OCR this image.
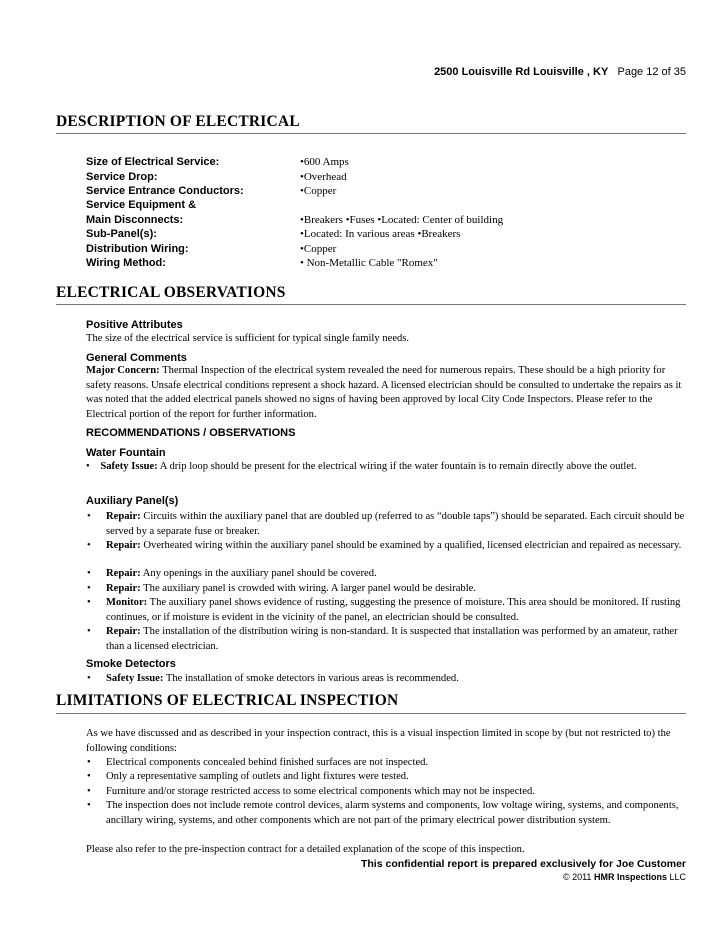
2500 Louisville Rd Louisville , KY Page 12 of 35
DESCRIPTION OF ELECTRICAL
Size of Electrical Service:	•600 Amps
Service Drop:	•Overhead
Service Entrance Conductors:	•Copper
Service Equipment &
Main Disconnects:	•Breakers •Fuses •Located: Center of building
Sub-Panel(s):	•Located: In various areas •Breakers
Distribution Wiring:	•Copper
Wiring Method:	• Non-Metallic Cable "Romex"
ELECTRICAL OBSERVATIONS
Positive Attributes
The size of the electrical service is sufficient for typical single family needs.
General Comments
Major Concern: Thermal Inspection of the electrical system revealed the need for numerous repairs. These should be a high priority for safety reasons. Unsafe electrical conditions represent a shock hazard. A licensed electrician should be consulted to undertake the repairs as it was noted that the added electrical panels showed no signs of having been approved by local City Code Inspectors. Please refer to the Electrical portion of the report for further information.
RECOMMENDATIONS / OBSERVATIONS
Water Fountain
• Safety Issue: A drip loop should be present for the electrical wiring if the water fountain is to remain directly above the outlet.
Auxiliary Panel(s)
• Repair: Circuits within the auxiliary panel that are doubled up (referred to as “double taps”) should be separated. Each circuit should be served by a separate fuse or breaker.
• Repair: Overheated wiring within the auxiliary panel should be examined by a qualified, licensed electrician and repaired as necessary.
• Repair: Any openings in the auxiliary panel should be covered.
• Repair: The auxiliary panel is crowded with wiring. A larger panel would be desirable.
• Monitor: The auxiliary panel shows evidence of rusting, suggesting the presence of moisture. This area should be monitored. If rusting continues, or if moisture is evident in the vicinity of the panel, an electrician should be consulted.
• Repair: The installation of the distribution wiring is non-standard. It is suspected that installation was performed by an amateur, rather than a licensed electrician.
Smoke Detectors
• Safety Issue: The installation of smoke detectors in various areas is recommended.
LIMITATIONS OF ELECTRICAL INSPECTION
As we have discussed and as described in your inspection contract, this is a visual inspection limited in scope by (but not restricted to) the following conditions:
• Electrical components concealed behind finished surfaces are not inspected.
• Only a representative sampling of outlets and light fixtures were tested.
• Furniture and/or storage restricted access to some electrical components which may not be inspected.
• The inspection does not include remote control devices, alarm systems and components, low voltage wiring, systems, and components, ancillary wiring, systems, and other components which are not part of the primary electrical power distribution system.
Please also refer to the pre-inspection contract for a detailed explanation of the scope of this inspection.
This confidential report is prepared exclusively for Joe Customer
© 2011 HMR Inspections LLC
